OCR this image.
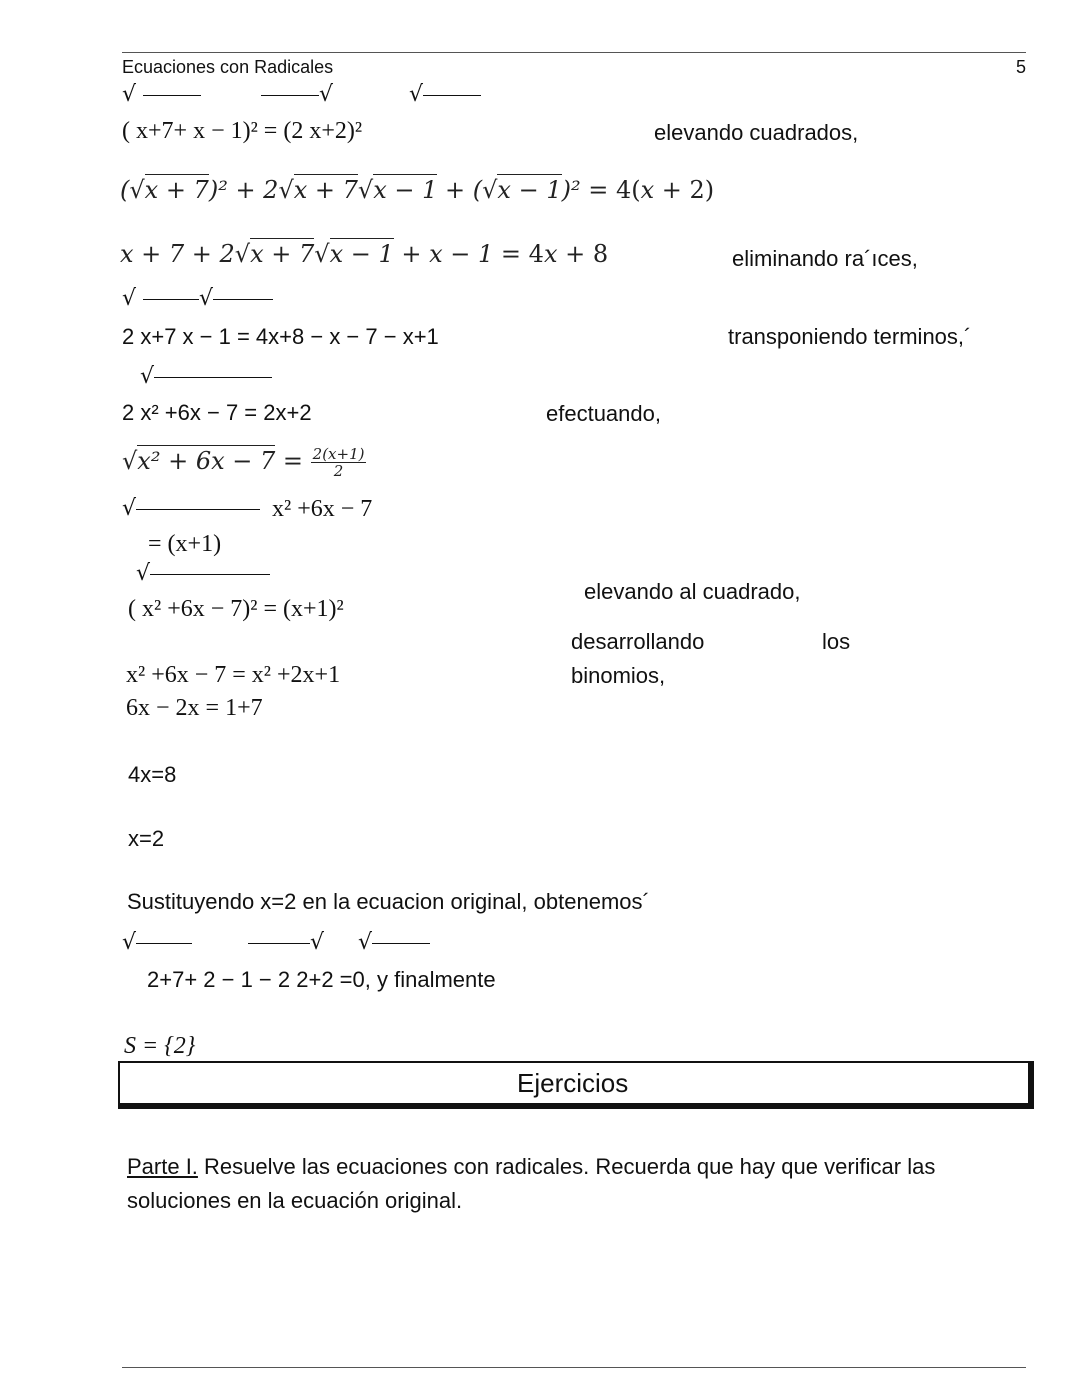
Ecuaciones con Radicales	5
√	√	√
( x+7+ x − 1)² = (2 x+2)²	elevando cuadrados,
(√x + 7)² + 2√x + 7√x − 1 + (√x − 1)² = 4(x + 2)
x + 7 + 2√x + 7√x − 1 + x − 1 = 4x + 8	eliminando ra´ıces,
√	√
2 x+7 x − 1 = 4x+8 − x − 7 − x+1	transponiendo terminos,´
√
2 x² +6x − 7 = 2x+2	efectuando,
$√x^2 + 6x - 7 = \frac{2(x+1)}{2}$
√	x² +6x − 7
= (x+1)
√
( x² +6x − 7)² = (x+1)²
elevando al cuadrado,
desarrollando	los
binomios,
x² +6x − 7 = x² +2x+1
6x − 2x = 1+7
4x=8
x=2
Sustituyendo x=2 en la ecuacion original, obtenemos´
√	√  √
2+7+ 2 − 1 − 2 2+2 =0, y finalmente
S = {2}
Ejercicios
Parte I. Resuelve las ecuaciones con radicales. Recuerda que hay que verificar las
soluciones en la ecuación original.
